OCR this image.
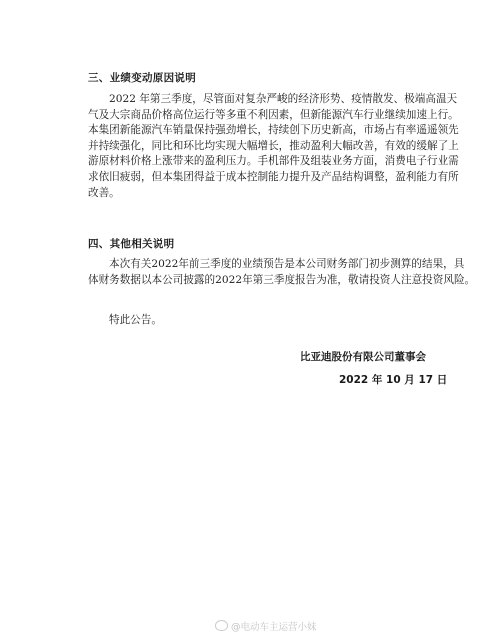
三、业绩变动原因说明

2022 年第三季度，尽管面对复杂严峻的经济形势、疫情散发、极端高温天
气及大宗商品价格高位运行等多重不利因素，但新能源汽车行业继续加速上行。
本集团新能源汽车销量保持强劲增长，持续创下历史新高，市场占有率遥遥领先
并持续强化，同比和环比均实现大幅增长，推动盈利大幅改善，有效的缓解了上
游原材料价格上涨带来的盈利压力。手机部件及组装业务方面，消费电子行业需
求依旧疲弱，但本集团得益于成本控制能力提升及产品结构调整，盈利能力有所
改善。

四、其他相关说明

本次有关2022年前三季度的业绩预告是本公司财务部门初步测算的结果，具
体财务数据以本公司披露的2022年第三季度报告为准，敬请投资人注意投资风险。

特此公告。

比亚迪股份有限公司董事会
2022 年 10 月 17 日
@电动车主运营小妹
